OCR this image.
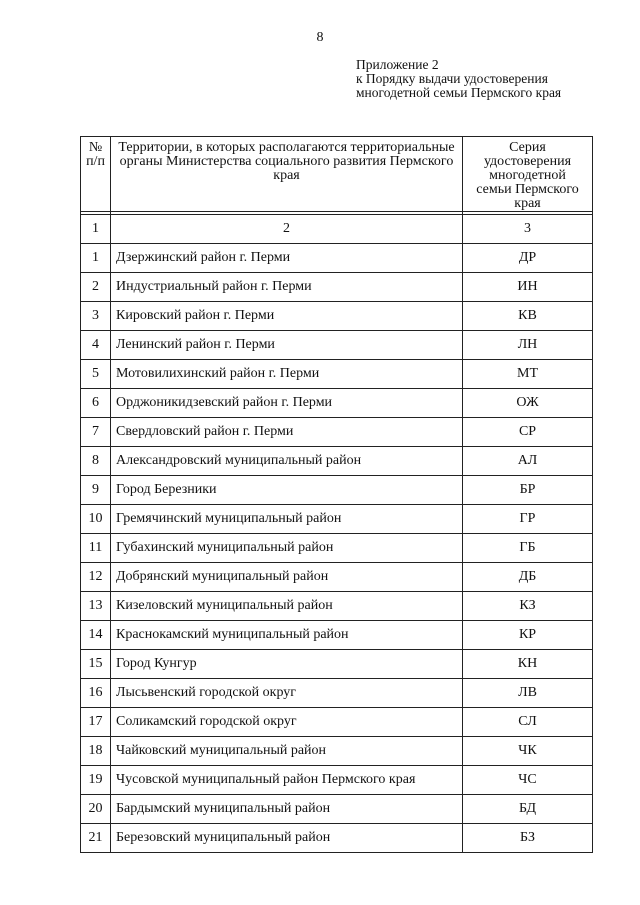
8
Приложение 2
к Порядку выдачи удостоверения
многодетной семьи Пермского края
№
п/п	Территории, в которых располагаются территориальные органы Министерства социального развития Пермского края	Серия удостоверения многодетной семьи Пермского края

1	2	3
1	Дзержинский район г. Перми	ДР
2	Индустриальный район г. Перми	ИН
3	Кировский район г. Перми	КВ
4	Ленинский район г. Перми	ЛН
5	Мотовилихинский район г. Перми	МТ
6	Орджоникидзевский район г. Перми	ОЖ
7	Свердловский район г. Перми	СР
8	Александровский муниципальный район	АЛ
9	Город Березники	БР
10	Гремячинский муниципальный район	ГР
11	Губахинский муниципальный район	ГБ
12	Добрянский муниципальный район	ДБ
13	Кизеловский муниципальный район	КЗ
14	Краснокамский муниципальный район	КР
15	Город Кунгур	КН
16	Лысьвенский городской округ	ЛВ
17	Соликамский городской округ	СЛ
18	Чайковский муниципальный район	ЧК
19	Чусовской муниципальный район Пермского края	ЧС
20	Бардымский муниципальный район	БД
21	Березовский муниципальный район	БЗ
